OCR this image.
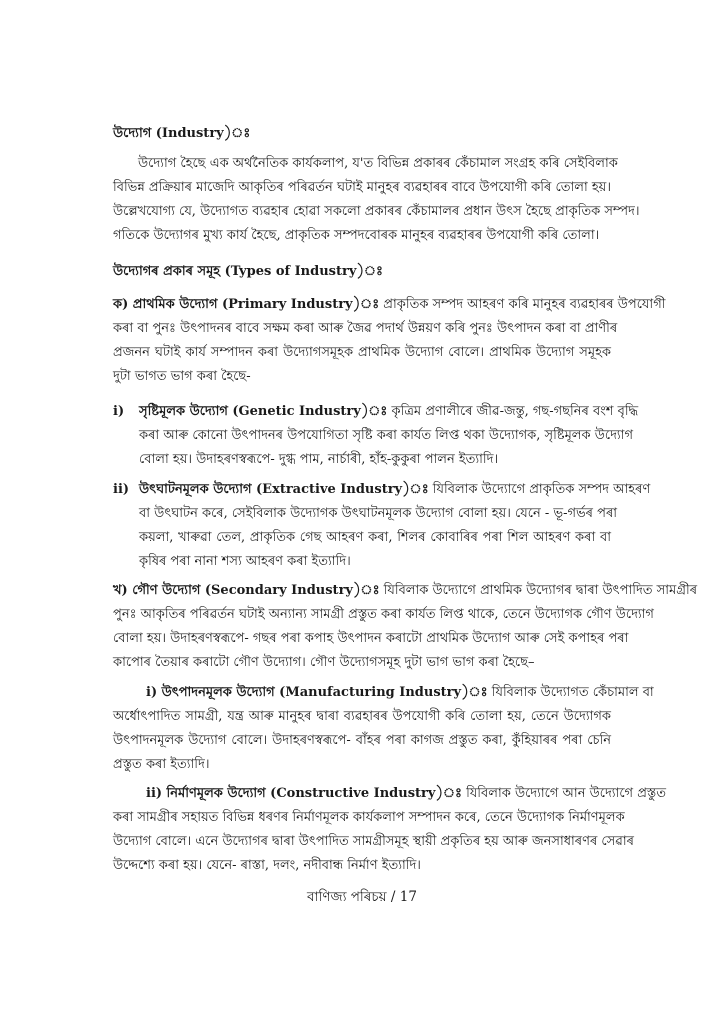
উদ্যোগ (Industry)ঃ
উদ্যোগ হৈছে এক অৰ্থনৈতিক কাৰ্যকলাপ, য'ত বিভিন্ন প্ৰকাৰৰ কেঁচামাল সংগ্ৰহ কৰি সেইবিলাক
বিভিন্ন প্ৰক্ৰিয়াৰ মাজেদি আকৃতিৰ পৰিৱৰ্তন ঘটাই মানুহৰ ব্যৱহাৰৰ বাবে উপযোগী কৰি তোলা হয়।
উল্লেখযোগ্য যে, উদ্যোগত ব্যৱহাৰ হোৱা সকলো প্ৰকাৰৰ কেঁচামালৰ প্ৰধান উৎস হৈছে প্ৰাকৃতিক সম্পদ।
গতিকে উদ্যোগৰ মুখ্য কাৰ্য হৈছে, প্ৰাকৃতিক সম্পদবোৰক মানুহৰ ব্যৱহাৰৰ উপযোগী কৰি তোলা।
উদ্যোগৰ প্ৰকাৰ সমূহ (Types of Industry)ঃ
ক) প্ৰাথমিক উদ্যোগ (Primary Industry)ঃ প্ৰাকৃতিক সম্পদ আহৰণ কৰি মানুহৰ ব্যৱহাৰৰ উপযোগী
কৰা বা পুনঃ উৎপাদনৰ বাবে সক্ষম কৰা আৰু জৈৱ পদাৰ্থ উন্নয়ণ কৰি পুনঃ উৎপাদন কৰা বা প্ৰাণীৰ
প্ৰজনন ঘটাই কাৰ্য সম্পাদন কৰা উদ্যোগসমূহক প্ৰাথমিক উদ্যোগ বোলে। প্ৰাথমিক উদ্যোগ সমূহক
দুটা ভাগত ভাগ কৰা হৈছে-
i) সৃষ্টিমূলক উদ্যোগ (Genetic Industry)ঃ কৃত্ৰিম প্ৰণালীৰে জীৱ-জন্তু, গছ-গছনিৰ বংশ বৃদ্ধি
কৰা আৰু কোনো উৎপাদনৰ উপযোগিতা সৃষ্টি কৰা কাৰ্যত লিপ্ত থকা উদ্যোগক, সৃষ্টিমূলক উদ্যোগ
বোলা হয়। উদাহৰণস্বৰূপে- দুগ্ধ পাম, নাৰ্চাৰী, হাঁহ-কুকুৰা পালন ইত্যাদি।
ii) উৎঘাটনমূলক উদ্যোগ (Extractive Industry)ঃ যিবিলাক উদ্যোগে প্ৰাকৃতিক সম্পদ আহৰণ
বা উৎঘাটন কৰে, সেইবিলাক উদ্যোগক উৎঘাটনমূলক উদ্যোগ বোলা হয়। যেনে - ভূ-গৰ্ভৰ পৰা
কয়লা, খাৰুৱা তেল, প্ৰাকৃতিক গেছ আহৰণ কৰা, শিলৰ কোবাৰিৰ পৰা শিল আহৰণ কৰা বা
কৃষিৰ পৰা নানা শস্য আহৰণ কৰা ইত্যাদি।
খ) গৌণ উদ্যোগ (Secondary Industry)ঃ যিবিলাক উদ্যোগে প্ৰাথমিক উদ্যোগৰ দ্বাৰা উৎপাদিত সামগ্ৰীৰ
পুনঃ আকৃতিৰ পৰিৱৰ্তন ঘটাই অন্যান্য সামগ্ৰী প্ৰস্তুত কৰা কাৰ্যত লিপ্ত থাকে, তেনে উদ্যোগক গৌণ উদ্যোগ
বোলা হয়। উদাহৰণস্বৰূপে- গছৰ পৰা কপাহ উৎপাদন কৰাটো প্ৰাথমিক উদ্যোগ আৰু সেই কপাহৰ পৰা
কাপোৰ তৈয়াৰ কৰাটো গৌণ উদ্যোগ। গৌণ উদ্যোগসমূহ দুটা ভাগ ভাগ কৰা হৈছে–
i) উৎপাদনমূলক উদ্যোগ (Manufacturing Industry)ঃ যিবিলাক উদ্যোগত কেঁচামাল বা
অৰ্ধোৎপাদিত সামগ্ৰী, যন্ত্ৰ আৰু মানুহৰ দ্বাৰা ব্যৱহাৰৰ উপযোগী কৰি তোলা হয়, তেনে উদ্যোগক
উৎপাদনমূলক উদ্যোগ বোলে। উদাহৰণস্বৰূপে- বাঁহৰ পৰা কাগজ প্ৰস্তুত কৰা, কুঁহিয়াৰৰ পৰা চেনি
প্ৰস্তুত কৰা ইত্যাদি।
ii) নিৰ্মাণমূলক উদ্যোগ (Constructive Industry)ঃ যিবিলাক উদ্যোগে আন উদ্যোগে প্ৰস্তুত
কৰা সামগ্ৰীৰ সহায়ত বিভিন্ন ধৰণৰ নিৰ্মাণমূলক কাৰ্যকলাপ সম্পাদন কৰে, তেনে উদ্যোগক নিৰ্মাণমূলক
উদ্যোগ বোলে। এনে উদ্যোগৰ দ্বাৰা উৎপাদিত সামগ্ৰীসমূহ স্থায়ী প্ৰকৃতিৰ হয় আৰু জনসাধাৰণৰ সেৱাৰ
উদ্দেশ্যে কৰা হয়। যেনে- ৰাস্তা, দলং, নদীবান্ধ নিৰ্মাণ ইত্যাদি।
বাণিজ্য পৰিচয় / 17
